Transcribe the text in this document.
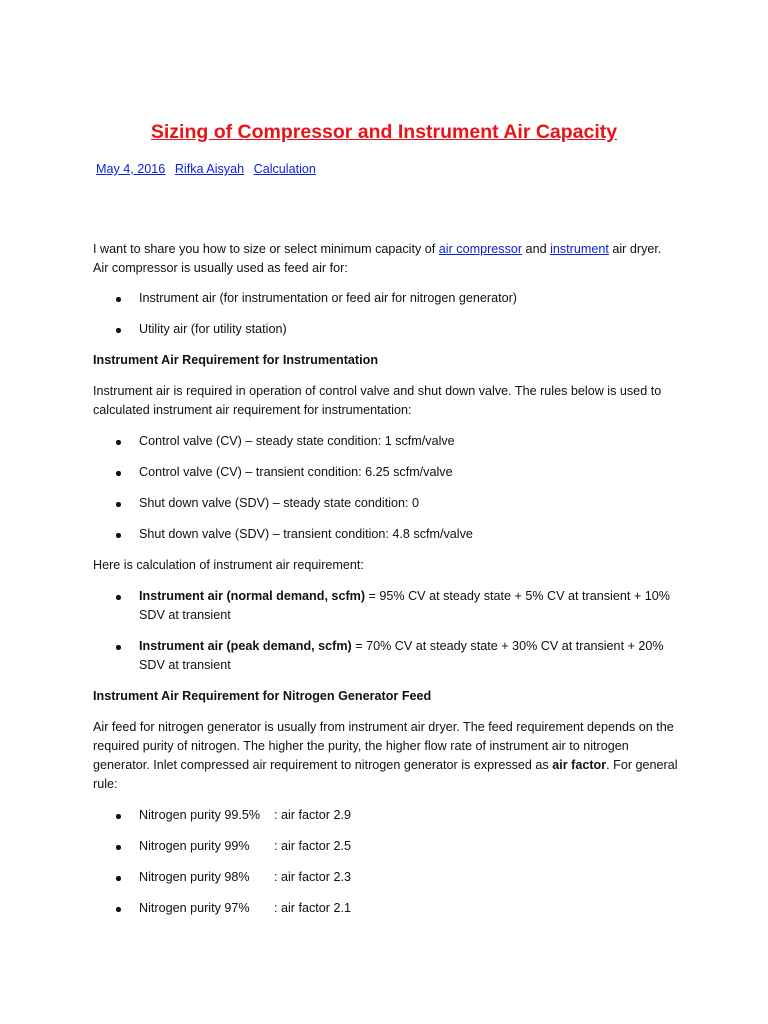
Sizing of Compressor and Instrument Air Capacity
May 4, 2016 Rifka Aisyah Calculation

I want to share you how to size or select minimum capacity of air compressor and instrument air dryer. Air compressor is usually used as feed air for:

Instrument air (for instrumentation or feed air for nitrogen generator)
Utility air (for utility station)

Instrument Air Requirement for Instrumentation

Instrument air is required in operation of control valve and shut down valve. The rules below is used to calculated instrument air requirement for instrumentation:

Control valve (CV) – steady state condition: 1 scfm/valve
Control valve (CV) – transient condition: 6.25 scfm/valve
Shut down valve (SDV) – steady state condition: 0
Shut down valve (SDV) – transient condition: 4.8 scfm/valve

Here is calculation of instrument air requirement:

Instrument air (normal demand, scfm) = 95% CV at steady state + 5% CV at transient + 10% SDV at transient
Instrument air (peak demand, scfm) = 70% CV at steady state + 30% CV at transient + 20% SDV at transient

Instrument Air Requirement for Nitrogen Generator Feed

Air feed for nitrogen generator is usually from instrument air dryer. The feed requirement depends on the required purity of nitrogen. The higher the purity, the higher flow rate of instrument air to nitrogen generator. Inlet compressed air requirement to nitrogen generator is expressed as air factor. For general rule:

Nitrogen purity 99.5% : air factor 2.9
Nitrogen purity 99% : air factor 2.5
Nitrogen purity 98% : air factor 2.3
Nitrogen purity 97% : air factor 2.1
